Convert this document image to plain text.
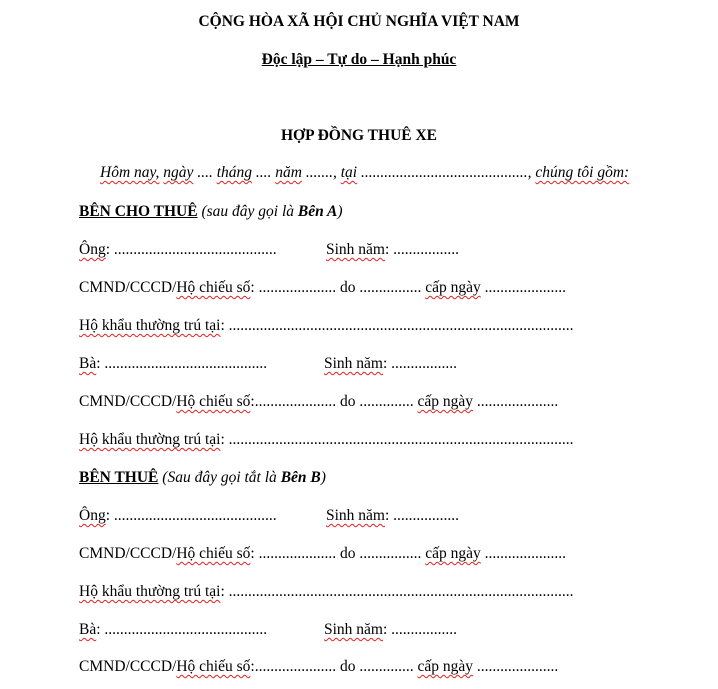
CỘNG HÒA XÃ HỘI CHỦ NGHĨA VIỆT NAM
Độc lập – Tự do – Hạnh phúc
HỢP ĐỒNG THUÊ XE
Hôm nay, ngày .... tháng .... năm ......., tại ..........................................., chúng tôi gồm:
BÊN CHO THUÊ (sau đây gọi là Bên A)
Ông: ..........................................	Sinh năm: .................
CMND/CCCD/Hộ chiếu số: .................... do ................ cấp ngày .....................
Hộ khẩu thường trú tại: .........................................................................................
Bà: ..........................................	Sinh năm: .................
CMND/CCCD/Hộ chiếu số:..................... do .............. cấp ngày .....................
Hộ khẩu thường trú tại: .........................................................................................
BÊN THUÊ (Sau đây gọi tắt là Bên B)
Ông: ..........................................	Sinh năm: .................
CMND/CCCD/Hộ chiếu số: .................... do ................ cấp ngày .....................
Hộ khẩu thường trú tại: .........................................................................................
Bà: ..........................................	Sinh năm: .................
CMND/CCCD/Hộ chiếu số:..................... do .............. cấp ngày .....................
